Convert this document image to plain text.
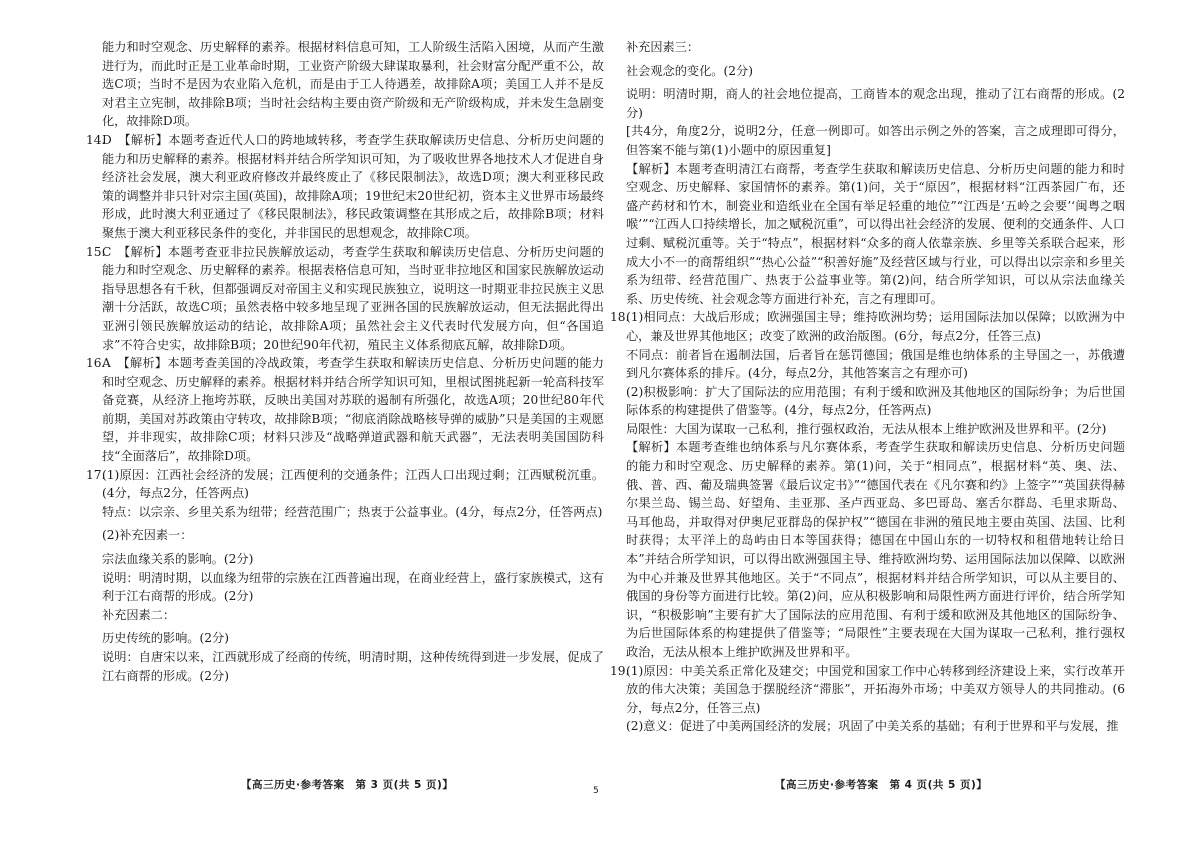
能力和时空观念、历史解释的素养。根据材料信息可知，工人阶级生活陷入困境，从而产生激进行为，而此时正是工业革命时期，工业资产阶级大肆谋取暴利，社会财富分配严重不公，故选C项；当时不是因为农业陷入危机，而是由于工人待遇差，故排除A项；美国工人并不是反对君主立宪制，故排除B项；当时社会结构主要由资产阶级和无产阶级构成，并未发生急剧变化，故排除D项。
14.
D　【解析】本题考查近代人口的跨地域转移，考查学生获取解读历史信息、分析历史问题的能力和历史解释的素养。根据材料并结合所学知识可知，为了吸收世界各地技术人才促进自身经济社会发展，澳大利亚政府修改并最终废止了《移民限制法》，故选D项；澳大利亚移民政策的调整并非只针对宗主国(英国)，故排除A项；19世纪末20世纪初，资本主义世界市场最终形成，此时澳大利亚通过了《移民限制法》，移民政策调整在其形成之后，故排除B项；材料聚焦于澳大利亚移民条件的变化，并非国民的思想观念，故排除C项。
15.
C　【解析】本题考查亚非拉民族解放运动，考查学生获取和解读历史信息、分析历史问题的能力和时空观念、历史解释的素养。根据表格信息可知，当时亚非拉地区和国家民族解放运动指导思想各有千秋，但都强调反对帝国主义和实现民族独立，说明这一时期亚非拉民族主义思潮十分活跃，故选C项；虽然表格中较多地呈现了亚洲各国的民族解放运动，但无法据此得出亚洲引领民族解放运动的结论，故排除A项；虽然社会主义代表时代发展方向，但“各国追求”不符合史实，故排除B项；20世纪90年代初，殖民主义体系彻底瓦解，故排除D项。
16.
A　【解析】本题考查美国的冷战政策，考查学生获取和解读历史信息、分析历史问题的能力和时空观念、历史解释的素养。根据材料并结合所学知识可知，里根试图挑起新一轮高科技军备竞赛，从经济上拖垮苏联，反映出美国对苏联的遏制有所强化，故选A项；20世纪80年代前期，美国对苏政策由守转攻，故排除B项；“彻底消除战略核导弹的威胁”只是美国的主观愿望，并非现实，故排除C项；材料只涉及“战略弹道武器和航天武器”，无法表明美国国防科技“全面落后”，故排除D项。
17.
(1)原因：江西社会经济的发展；江西便利的交通条件；江西人口出现过剩；江西赋税沉重。(4分，每点2分，任答两点)
特点：以宗亲、乡里关系为纽带；经营范围广；热衷于公益事业。(4分，每点2分，任答两点)
(2)补充因素一：
宗法血缘关系的影响。(2分)
说明：明清时期，以血缘为纽带的宗族在江西普遍出现，在商业经营上，盛行家族模式，这有利于江右商帮的形成。(2分)
补充因素二：
历史传统的影响。(2分)
说明：自唐宋以来，江西就形成了经商的传统，明清时期，这种传统得到进一步发展，促成了江右商帮的形成。(2分)
补充因素三：
社会观念的变化。(2分)
说明：明清时期，商人的社会地位提高，工商皆本的观念出现，推动了江右商帮的形成。(2分)
[共4分，角度2分，说明2分，任意一例即可。如答出示例之外的答案，言之成理即可得分，但答案不能与第(1)小题中的原因重复]
【解析】本题考查明清江右商帮，考查学生获取和解读历史信息、分析历史问题的能力和时空观念、历史解释、家国情怀的素养。第(1)问，关于“原因”，根据材料“江西茶园广布，还盛产药材和竹木，制瓷业和造纸业在全国有举足轻重的地位”“江西是‘五岭之会要’‘闽粤之咽喉’”“江西人口持续增长，加之赋税沉重”，可以得出社会经济的发展、便利的交通条件、人口过剩、赋税沉重等。关于“特点”，根据材料“众多的商人依靠亲族、乡里等关系联合起来，形成大小不一的商帮组织”“热心公益”“积善好施”及经营区域与行业，可以得出以宗亲和乡里关系为纽带、经营范围广、热衷于公益事业等。第(2)问，结合所学知识，可以从宗法血缘关系、历史传统、社会观念等方面进行补充，言之有理即可。
18.
(1)相同点：大战后形成；欧洲强国主导；维持欧洲均势；运用国际法加以保障；以欧洲为中心，兼及世界其他地区；改变了欧洲的政治版图。(6分，每点2分，任答三点)
不同点：前者旨在遏制法国，后者旨在惩罚德国；俄国是维也纳体系的主导国之一，苏俄遭到凡尔赛体系的排斥。(4分，每点2分，其他答案言之有理亦可)
(2)积极影响：扩大了国际法的应用范围；有利于缓和欧洲及其他地区的国际纷争；为后世国际体系的构建提供了借鉴等。(4分，每点2分，任答两点)
局限性：大国为谋取一己私利，推行强权政治，无法从根本上维护欧洲及世界和平。(2分)
【解析】本题考查维也纳体系与凡尔赛体系，考查学生获取和解读历史信息、分析历史问题的能力和时空观念、历史解释的素养。第(1)问，关于“相同点”，根据材料“英、奥、法、俄、普、西、葡及瑞典签署《最后议定书》”“德国代表在《凡尔赛和约》上签字”“英国获得赫尔果兰岛、锡兰岛、好望角、圭亚那、圣卢西亚岛、多巴哥岛、塞舌尔群岛、毛里求斯岛、马耳他岛，并取得对伊奥尼亚群岛的保护权”“德国在非洲的殖民地主要由英国、法国、比利时获得；太平洋上的岛屿由日本等国获得；德国在中国山东的一切特权和租借地转让给日本”并结合所学知识，可以得出欧洲强国主导、维持欧洲均势、运用国际法加以保障、以欧洲为中心并兼及世界其他地区。关于“不同点”，根据材料并结合所学知识，可以从主要目的、俄国的身份等方面进行比较。第(2)问，应从积极影响和局限性两方面进行评价，结合所学知识，“积极影响”主要有扩大了国际法的应用范围、有利于缓和欧洲及其他地区的国际纷争、为后世国际体系的构建提供了借鉴等；“局限性”主要表现在大国为谋取一己私利，推行强权政治，无法从根本上维护欧洲及世界和平。
19.
(1)原因：中美关系正常化及建交；中国党和国家工作中心转移到经济建设上来，实行改革开放的伟大决策；美国急于摆脱经济“滞胀”，开拓海外市场；中美双方领导人的共同推动。(6分，每点2分，任答三点)
(2)意义：促进了中美两国经济的发展；巩固了中美关系的基础；有利于世界和平与发展，推
【高三历史·参考答案　第 3 页(共 5 页)】	5	【高三历史·参考答案　第 4 页(共 5 页)】
